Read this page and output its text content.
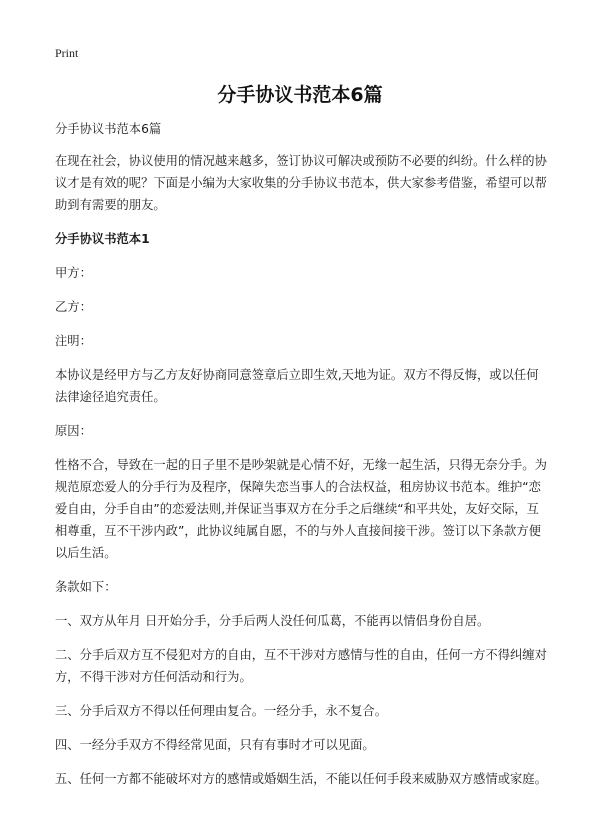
Print
分手协议书范本6篇

分手协议书范本6篇

在现在社会，协议使用的情况越来越多，签订协议可解决或预防不必要的纠纷。什么样的协议才是有效的呢？下面是小编为大家收集的分手协议书范本，供大家参考借鉴，希望可以帮助到有需要的朋友。

分手协议书范本1

甲方：

乙方：

注明：

本协议是经甲方与乙方友好协商同意签章后立即生效,天地为证。双方不得反悔，或以任何法律途径追究责任。

原因：

性格不合，导致在一起的日子里不是吵架就是心情不好，无缘一起生活，只得无奈分手。为规范原恋爱人的分手行为及程序，保障失恋当事人的合法权益，租房协议书范本。维护“恋爱自由，分手自由”的恋爱法则,并保证当事双方在分手之后继续“和平共处，友好交际，互相尊重，互不干涉内政”，此协议纯属自愿，不的与外人直接间接干涉。签订以下条款方便以后生活。

条款如下：

一、双方从年月 日开始分手，分手后两人没任何瓜葛，不能再以情侣身份自居。

二、分手后双方互不侵犯对方的自由，互不干涉对方感情与性的自由，任何一方不得纠缠对方，不得干涉对方任何活动和行为。

三、分手后双方不得以任何理由复合。一经分手，永不复合。

四、一经分手双方不得经常见面，只有有事时才可以见面。

五、任何一方都不能破坏对方的感情或婚姻生活，不能以任何手段来威胁双方感情或家庭。
